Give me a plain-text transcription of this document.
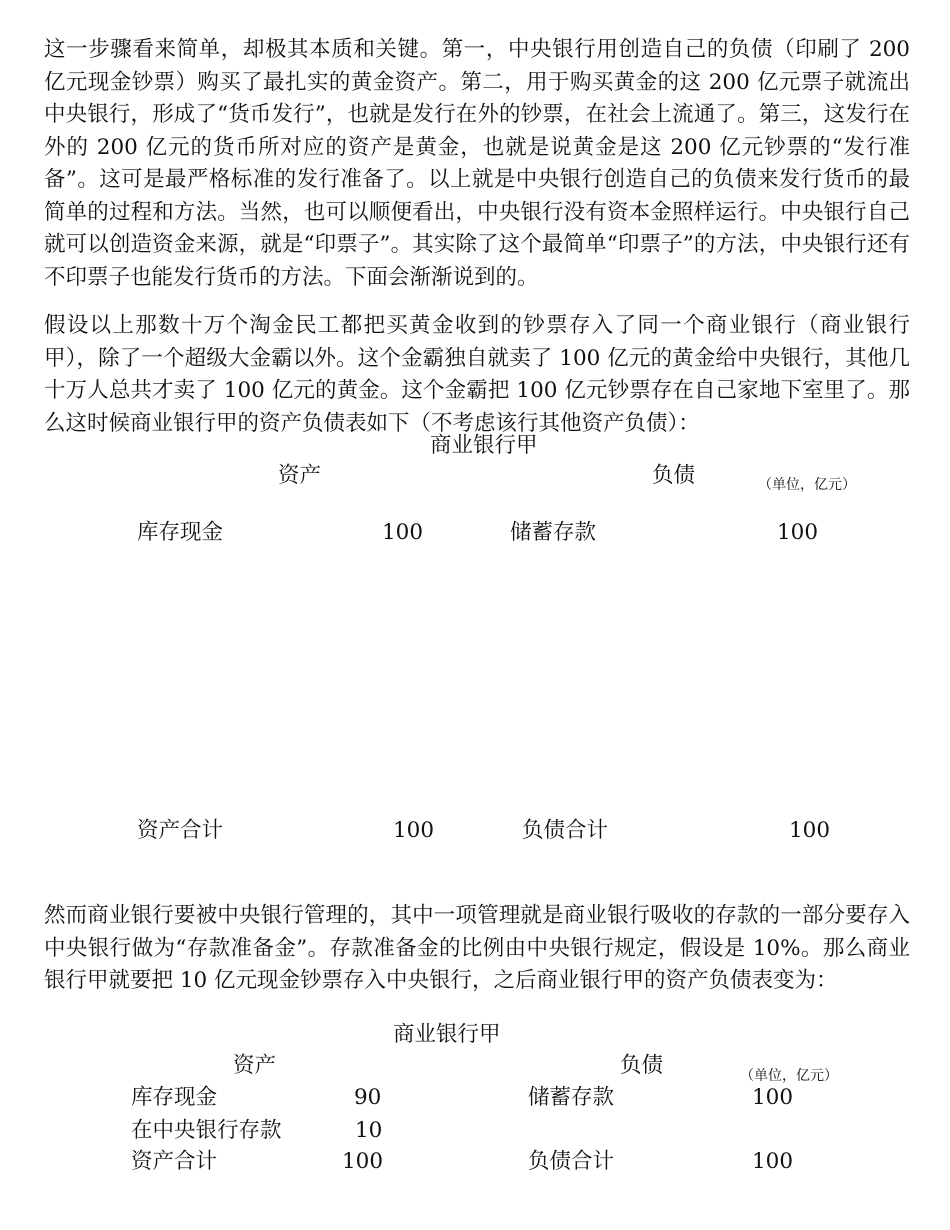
这一步骤看来简单，却极其本质和关键。第一，中央银行用创造自己的负债（印刷了 200 亿元现金钞票）购买了最扎实的黄金资产。第二，用于购买黄金的这 200 亿元票子就流出中央银行，形成了“货币发行”，也就是发行在外的钞票，在社会上流通了。第三，这发行在外的 200 亿元的货币所对应的资产是黄金，也就是说黄金是这 200 亿元钞票的“发行准备”。这可是最严格标准的发行准备了。以上就是中央银行创造自己的负债来发行货币的最简单的过程和方法。当然，也可以顺便看出，中央银行没有资本金照样运行。中央银行自己就可以创造资金来源，就是“印票子”。其实除了这个最简单“印票子”的方法，中央银行还有不印票子也能发行货币的方法。下面会渐渐说到的。

假设以上那数十万个淘金民工都把买黄金收到的钞票存入了同一个商业银行（商业银行甲），除了一个超级大金霸以外。这个金霸独自就卖了 100 亿元的黄金给中央银行，其他几十万人总共才卖了 100 亿元的黄金。这个金霸把 100 亿元钞票存在自己家地下室里了。那么这时候商业银行甲的资产负债表如下（不考虑该行其他资产负债）：

商业银行甲
资产	负债	（单位，亿元）
库存现金	100	储蓄存款	100
资产合计	100	负债合计	100

然而商业银行要被中央银行管理的，其中一项管理就是商业银行吸收的存款的一部分要存入中央银行做为“存款准备金”。存款准备金的比例由中央银行规定，假设是 10%。那么商业银行甲就要把 10 亿元现金钞票存入中央银行，之后商业银行甲的资产负债表变为：

商业银行甲
资产	负债	（单位，亿元）
库存现金	90	储蓄存款	100
在中央银行存款	10
资产合计	100	负债合计	100
